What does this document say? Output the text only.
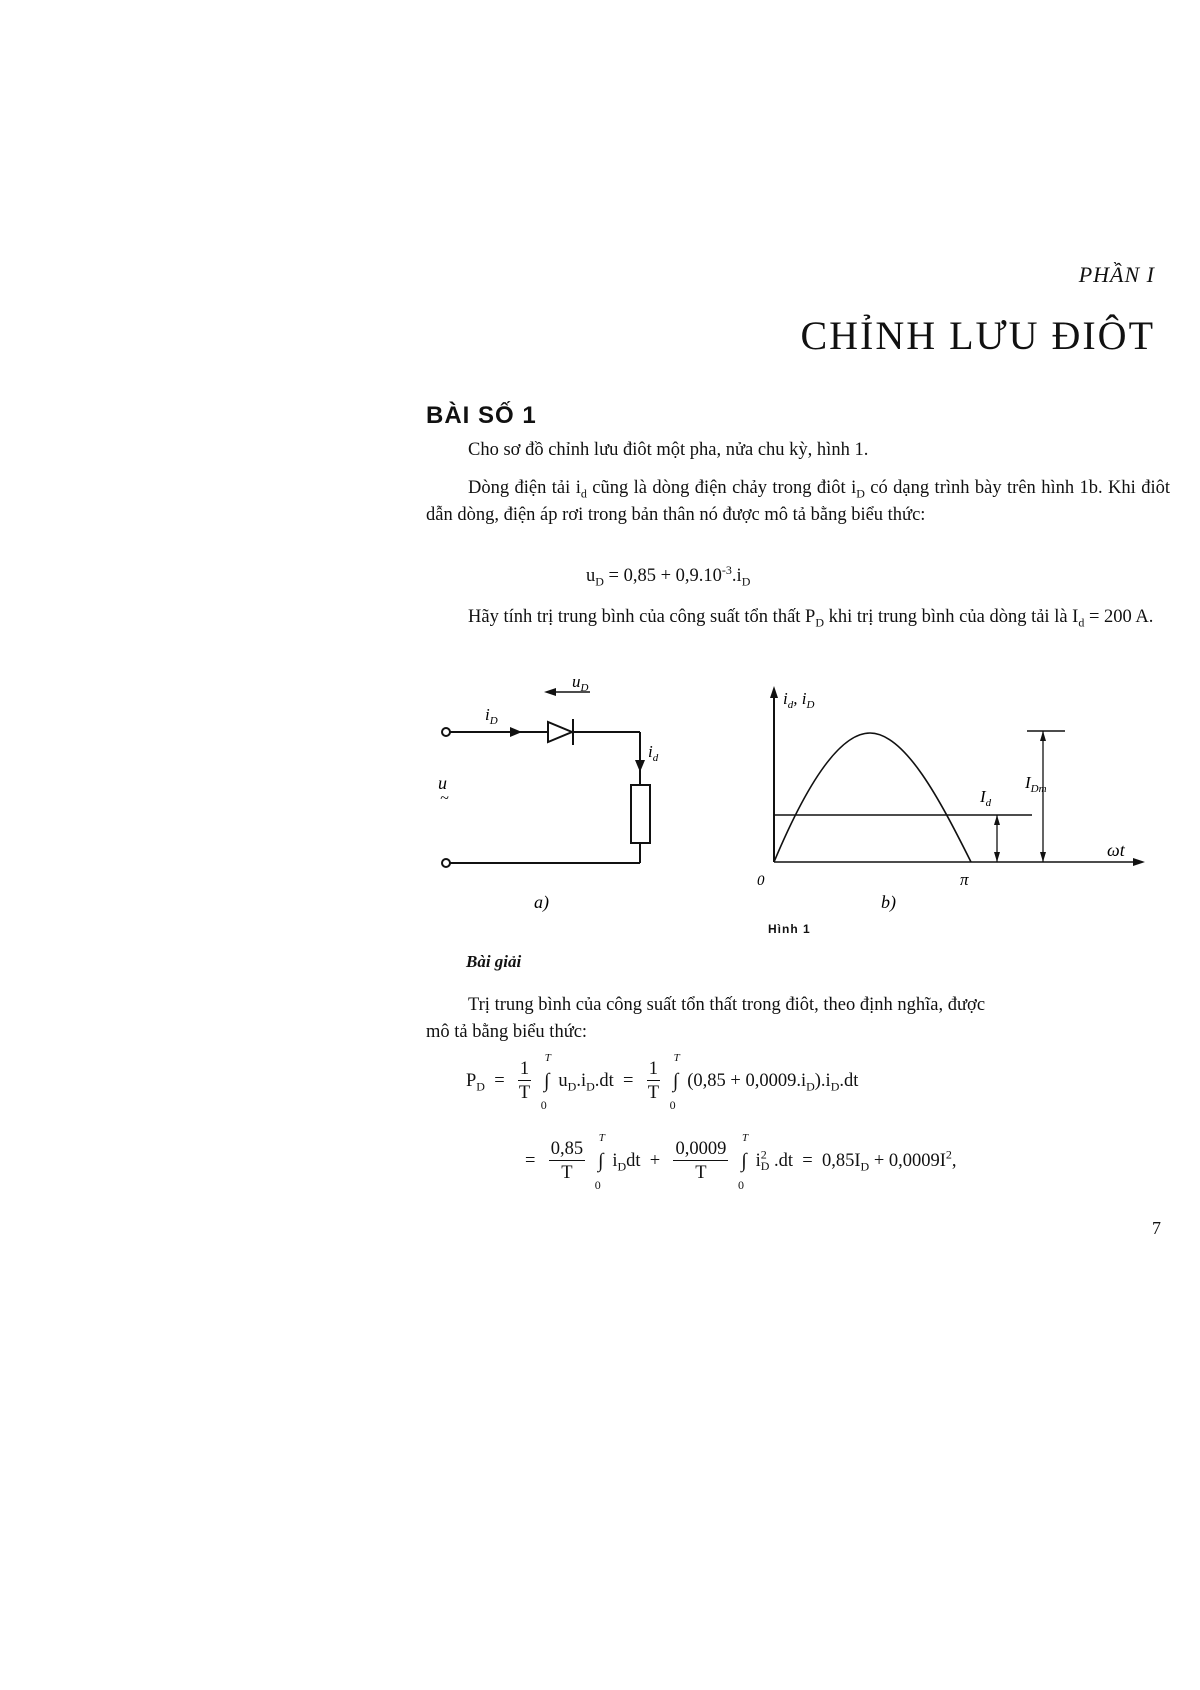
PHẦN I
CHỈNH LƯU ĐIÔT
BÀI SỐ 1
Cho sơ đồ chỉnh lưu điôt một pha, nửa chu kỳ, hình 1.
Dòng điện tải $i_d$ cũng là dòng điện chảy trong điôt $i_D$ có dạng trình bày trên hình 1b. Khi điôt dẫn dòng, điện áp rơi trong bản thân nó được mô tả bằng biểu thức:
$u_D = 0,85 + 0,9.10^{-3}.i_D$
Hãy tính trị trung bình của công suất tổn thất $P_D$ khi trị trung bình của dòng tải là $I_d = 200$ A.
$i_D$
$u_D$
$i_d$
u
~
a)
$i_d$, $i_D$
0	π
ωt
$I_d$
$I_{Dm}$
b)
Hình 1
Bài giải
Trị trung bình của công suất tổn thất trong điôt, theo định nghĩa, được
mô tả bằng biểu thức:
$P_D = \frac{1}{T}$ ∫
T
0
$u_D.i_D.dt = \frac{1}{T}$ ∫
T
0
$(0,85 + 0,0009.i_D).i_D.dt$
= $\frac{0,85}{T}$ ∫
T
0
$i_Ddt + \frac{0,0009}{T}$ ∫
T
0
$i^2_D$ $.dt = 0,85I_D + 0,0009I^2$,
7
